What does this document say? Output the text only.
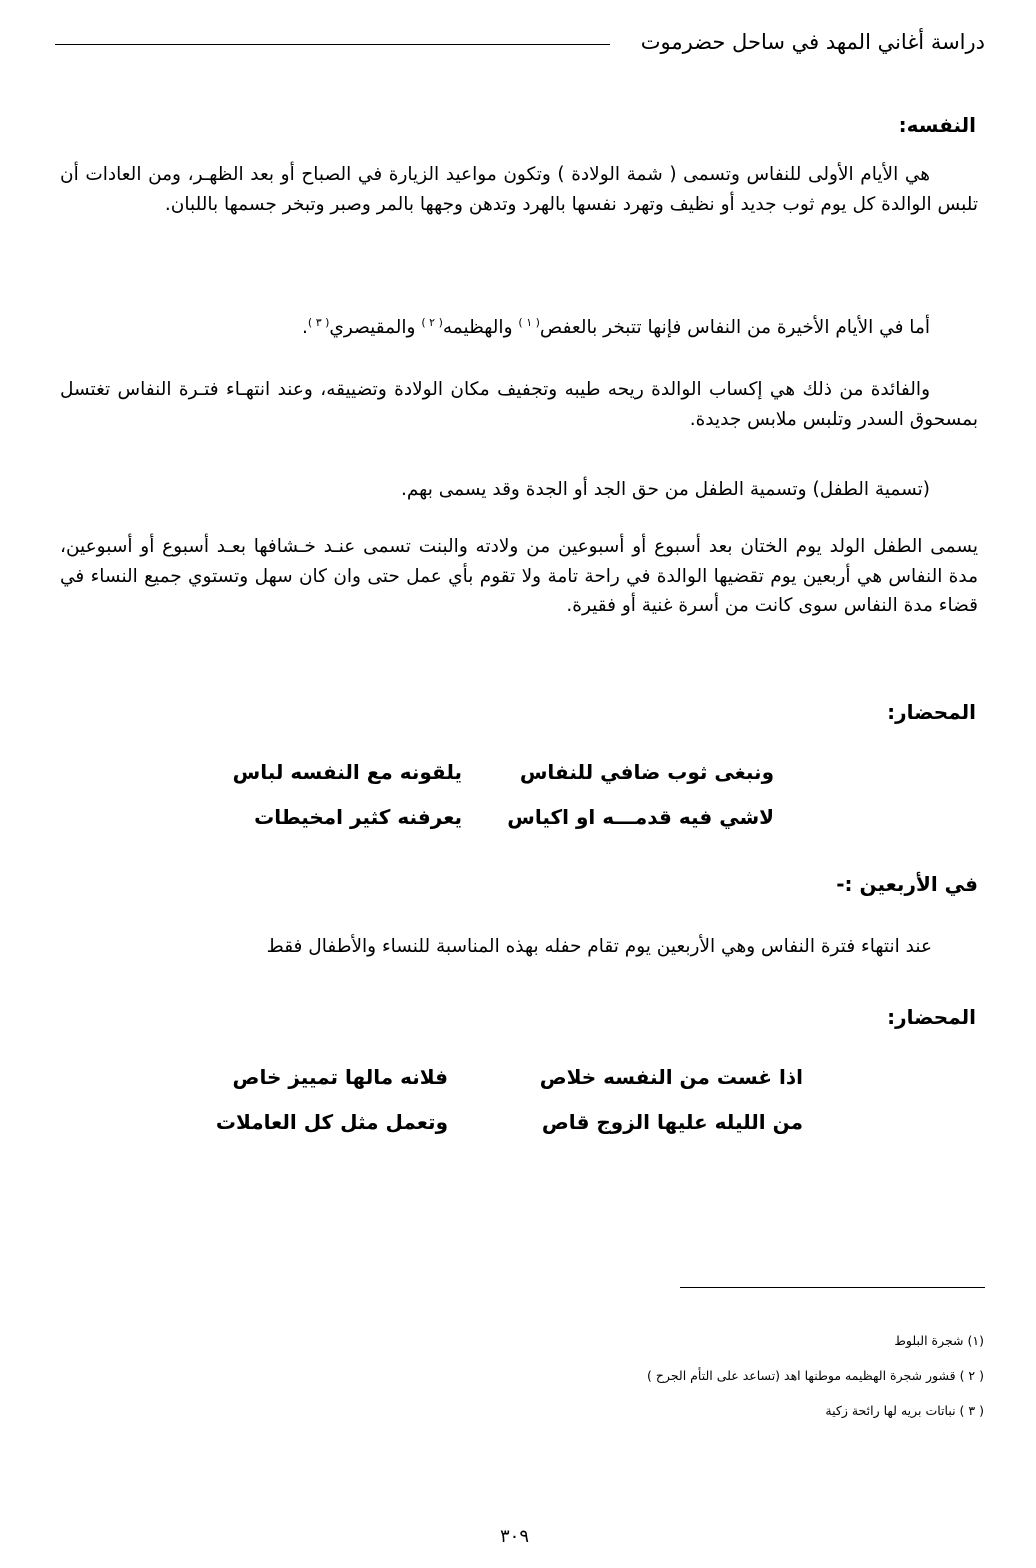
دراسة أغاني المهد في ساحل حضرموت
النفسه:

هي الأيام الأولى للنفاس وتسمى ( شمة الولادة ) وتكون مواعيد الزيارة في الصباح أو بعد الظهـر، ومن العادات أن تلبس الوالدة كل يوم ثوب جديد أو نظيف وتهرد نفسها بالهرد وتدهن وجهها بالمر وصبر وتبخر جسمها باللبان.

أما في الأيام الأخيرة من النفاس فإنها تتبخر بالعفص$^{( ١ )}$ والهظيمه$^{( ٢ )}$ والمقيصري$^{( ٣ )}$.

والفائدة من ذلك هي إكساب الوالدة ريحه طيبه وتجفيف مكان الولادة وتضييقه، وعند انتهـاء فتـرة النفاس تغتسل بمسحوق السدر وتلبس ملابس جديدة.

(تسمية الطفل) وتسمية الطفل من حق الجد أو الجدة وقد يسمى بهم.

يسمى الطفل الولد يوم الختان بعد أسبوع أو أسبوعين من ولادته والبنت تسمى عنـد خـشافها بعـد أسبوع أو أسبوعين، مدة النفاس هي أربعين يوم تقضيها الوالدة في راحة تامة ولا تقوم بأي عمل حتى وان كان سهل وتستوي جميع النساء في قضاء مدة النفاس سوى كانت من أسرة غنية أو فقيرة.

المحضار:
ونبغى ثوب ضافي للنفاس
يلقونه مع النفسه لباس
لاشي فيه قدمـــه او اكياس
يعرفنه كثير امخيطات
في الأربعين :-
عند انتهاء فترة النفاس وهي الأربعين يوم تقام حفله بهذه المناسبة للنساء والأطفال فقط
المحضار:
اذا غست من النفسه خلاص
فلانه مالها تمييز خاص
من الليله عليها الزوج قاص
وتعمل مثل كل العاملات
(١) شجرة البلوط
( ٢ ) قشور شجرة الهظيمه موطنها اهد (تساعد على التأم الجرح )
( ٣ ) نباتات بريه لها رائحة زكية
٣٠٩
